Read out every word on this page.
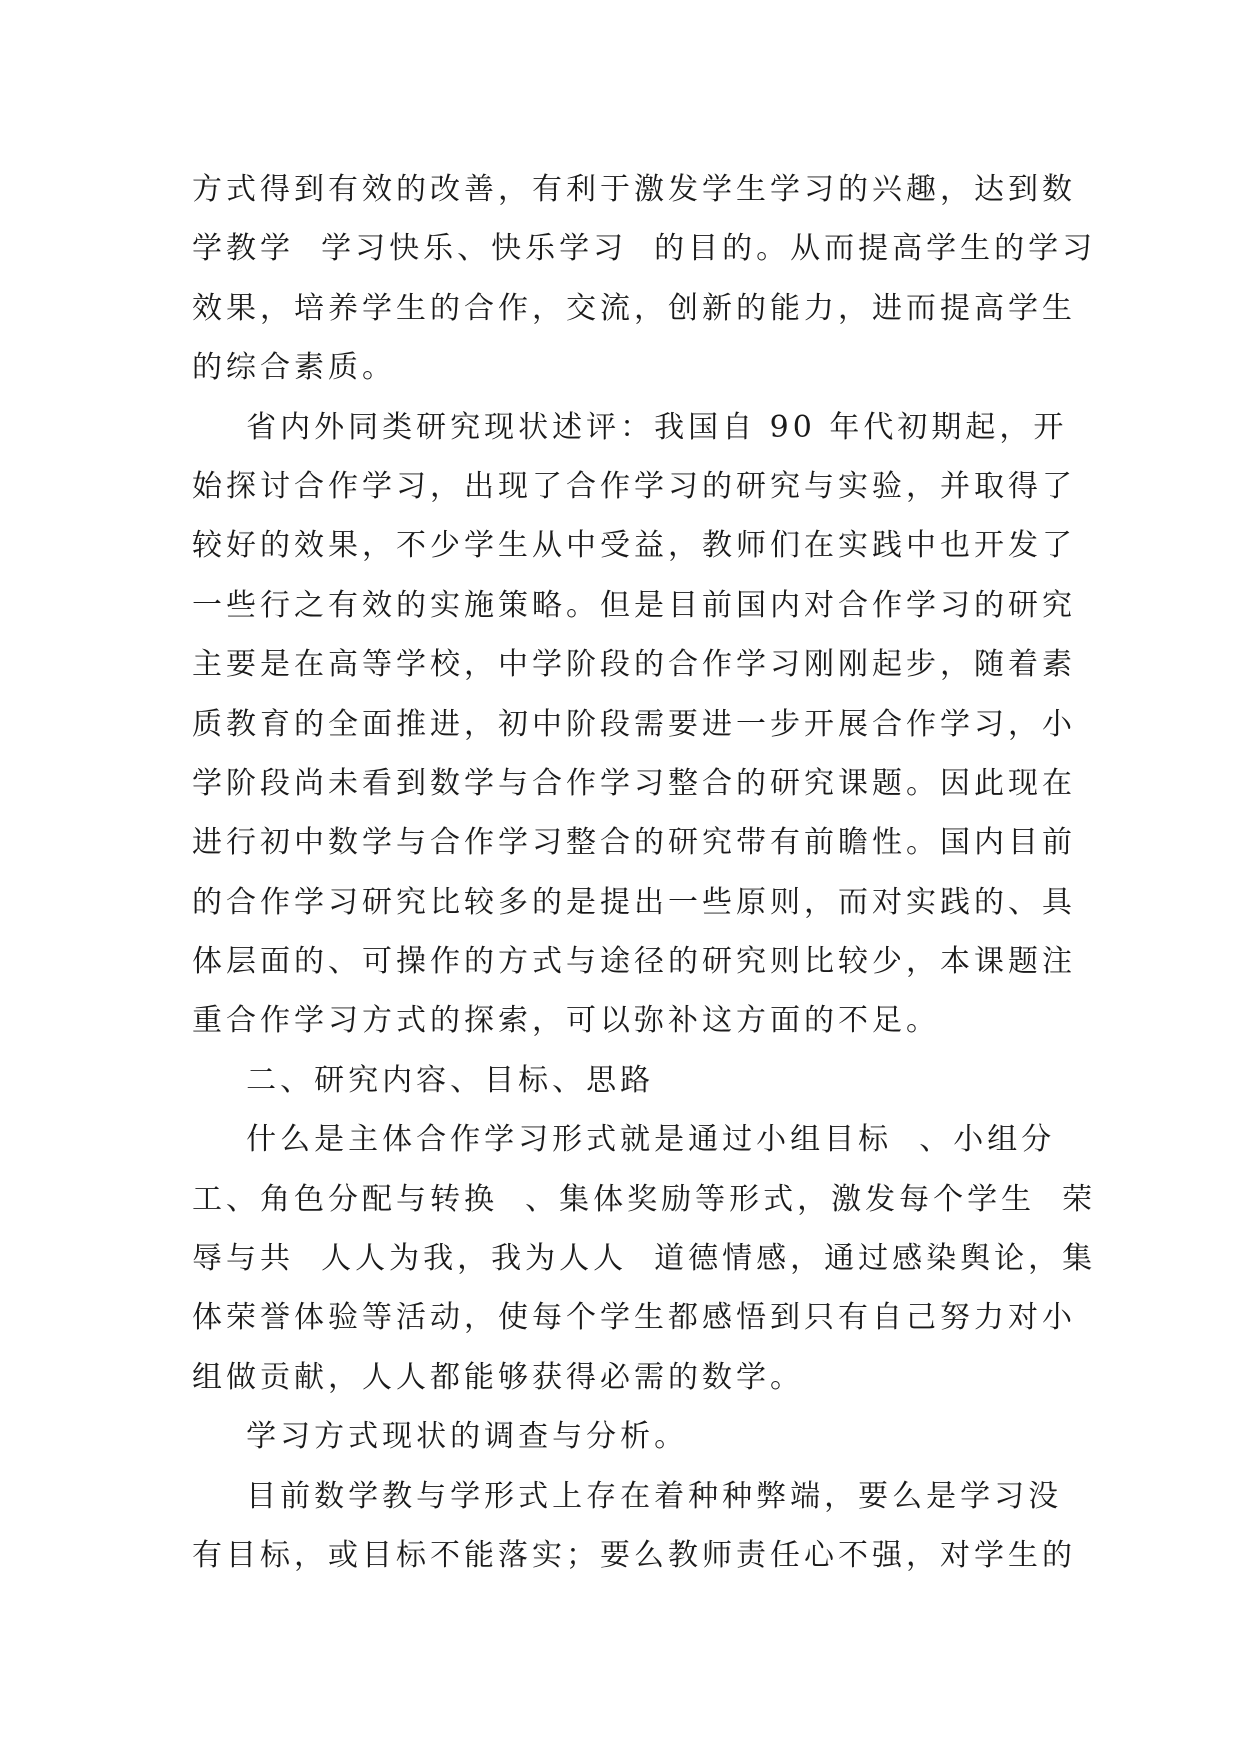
方式得到有效的改善，有利于激发学生学习的兴趣，达到数
学教学  学习快乐、快乐学习  的目的。从而提高学生的学习
效果，培养学生的合作，交流，创新的能力，进而提高学生
的综合素质。
省内外同类研究现状述评：我国自 90 年代初期起，开
始探讨合作学习，出现了合作学习的研究与实验，并取得了
较好的效果，不少学生从中受益，教师们在实践中也开发了
一些行之有效的实施策略。但是目前国内对合作学习的研究
主要是在高等学校，中学阶段的合作学习刚刚起步，随着素
质教育的全面推进，初中阶段需要进一步开展合作学习，小
学阶段尚未看到数学与合作学习整合的研究课题。因此现在
进行初中数学与合作学习整合的研究带有前瞻性。国内目前
的合作学习研究比较多的是提出一些原则，而对实践的、具
体层面的、可操作的方式与途径的研究则比较少，本课题注
重合作学习方式的探索，可以弥补这方面的不足。
二、研究内容、目标、思路
什么是主体合作学习形式就是通过小组目标  、小组分
工、角色分配与转换  、集体奖励等形式，激发每个学生  荣
辱与共  人人为我，我为人人  道德情感，通过感染舆论，集
体荣誉体验等活动，使每个学生都感悟到只有自己努力对小
组做贡献，人人都能够获得必需的数学。
学习方式现状的调查与分析。
目前数学教与学形式上存在着种种弊端，要么是学习没
有目标，或目标不能落实；要么教师责任心不强，对学生的
